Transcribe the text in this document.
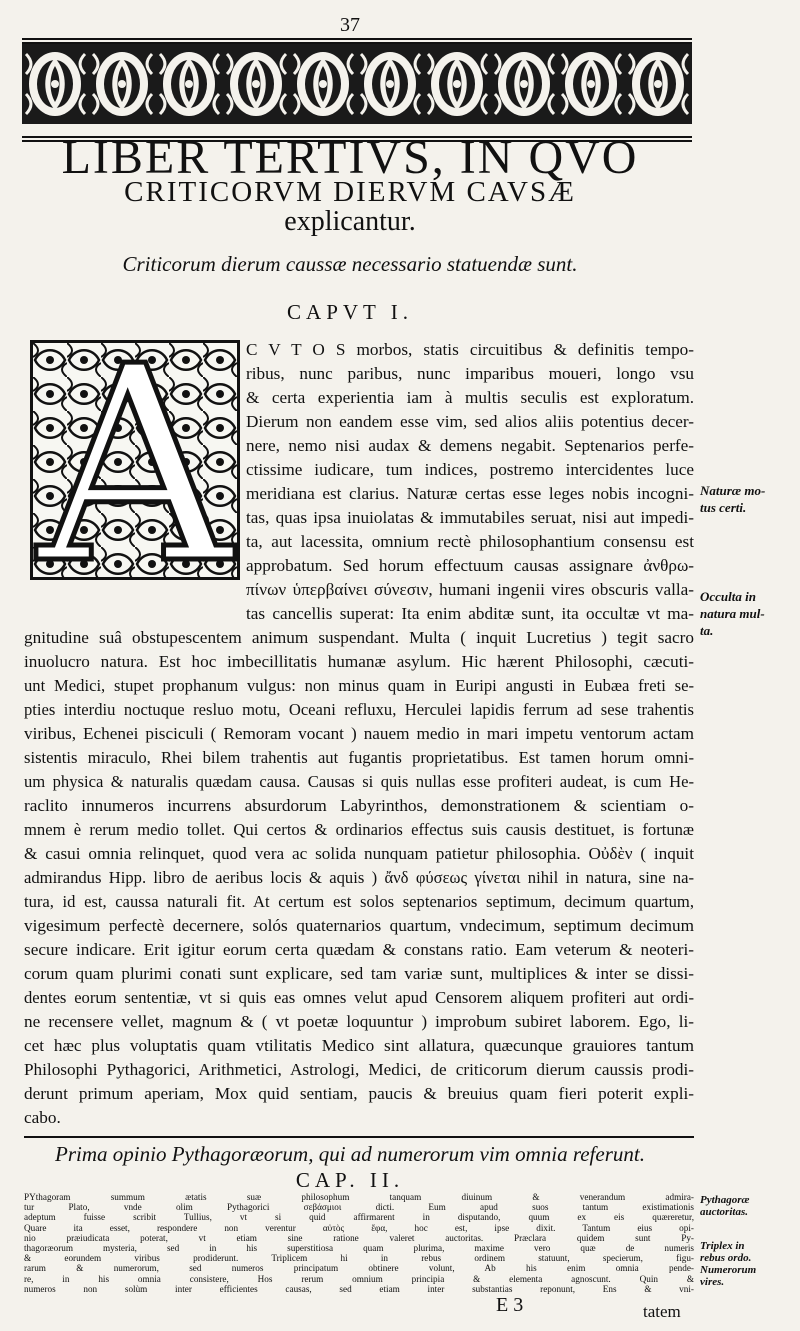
37
LIBER TERTIVS, IN QVO
CRITICORVM DIERVM CAVSÆ
explicantur.
Criticorum dierum caussæ necessario statuendæ sunt.
CAPVT I.
A C V T O S morbos, statis circuitibus & definitis tempo-
ribus, nunc paribus, nunc imparibus moueri, longo vsu
& certa experientia iam à multis seculis est exploratum.
Dierum non eandem esse vim, sed alios aliis potentius decer-
nere, nemo nisi audax & demens negabit. Septenarios perfe-
ctissime iudicare, tum indices, postremo intercidentes luce
meridiana est clarius. Naturæ certas esse leges nobis incogni-
tas, quas ipsa inuiolatas & immutabiles seruat, nisi aut impedi-
ta, aut lacessita, omnium rectè philosophantium consensu est
approbatum. Sed horum effectuum causas assignare ἀνθρω-
πίνων ὑπερβαίνει σύνεσιν, humani ingenii vires obscuris valla-
tas cancellis superat: Ita enim abditæ sunt, ita occultæ vt ma-
gnitudine suâ obstupescentem animum suspendant. Multa ( inquit Lucretius ) tegit sacro
inuolucro natura. Est hoc imbecillitatis humanæ asylum. Hic hærent Philosophi, cæcuti-
unt Medici, stupet prophanum vulgus: non minus quam in Euripi angusti in Eubæa freti se-
pties interdiu noctuque resluo motu, Oceani refluxu, Herculei lapidis ferrum ad sese trahentis
viribus, Echenei pisciculi ( Remoram vocant ) nauem medio in mari impetu ventorum actam
sistentis miraculo, Rhei bilem trahentis aut fugantis proprietatibus. Est tamen horum omni-
um physica & naturalis quædam causa. Causas si quis nullas esse profiteri audeat, is cum He-
raclito innumeros incurrens absurdorum Labyrinthos, demonstrationem & scientiam o-
mnem è rerum medio tollet. Qui certos & ordinarios effectus suis causis destituet, is fortunæ
& casui omnia relinquet, quod vera ac solida nunquam patietur philosophia. Οὐδὲν ( inquit
admirandus Hipp. libro de aeribus locis & aquis ) ἄνδ φύσεως γίνεται nihil in natura, sine na-
tura, id est, caussa naturali fit. At certum est solos septenarios septimum, decimum quartum,
vigesimum perfectè decernere, solós quaternarios quartum, vndecimum, septimum decimum
secure indicare. Erit igitur eorum certa quædam & constans ratio. Eam veterum & neoteri-
corum quam plurimi conati sunt explicare, sed tam variæ sunt, multiplices & inter se dissi-
dentes eorum sententiæ, vt si quis eas omnes velut apud Censorem aliquem profiteri aut ordi-
ne recensere vellet, magnum & ( vt poetæ loquuntur ) improbum subiret laborem. Ego, li-
cet hæc plus voluptatis quam vtilitatis Medico sint allatura, quæcunque grauiores tantum
Philosophi Pythagorici, Arithmetici, Astrologi, Medici, de criticorum dierum caussis prodi-
derunt primum aperiam, Mox quid sentiam, paucis & breuius quam fieri poterit expli-
cabo.
Prima opinio Pythagoræorum, qui ad numerorum vim omnia referunt.
CAP. II.
Naturæ mo-
tus certi.
Occulta in
natura mul-
ta.
Pythagoræ
auctoritas.
E 3	tatem
PYthagoram summum ætatis suæ philosophum tanquam diuinum & venerandum admira-
tur Plato, vnde olim Pythagorici σεβάσμιοι dicti. Eum apud suos tantum existimationis
adeptum fuisse scribit Tullius, vt si quid affirmarent in disputando, quum ex eis quæreretur,
Quare ita esset, respondere non verentur αὐτὸς ἔφα, hoc est, ipse dixit. Tantum eius opi-
nio præiudicata poterat, vt etiam sine ratione valeret auctoritas. Præclara quidem sunt Py-
thagoræorum mysteria, sed in his superstitiosa quam plurima, maxime vero quæ de numeris
& eorundem viribus prodiderunt. Triplicem hi in rebus ordinem statuunt, specierum, figu-
rarum & numerorum, sed numeros principatum obtinere volunt, Ab his enim omnia pende-
re, in his omnia consistere, Hos rerum omnium principia & elementa agnoscunt. Quin &
numeros non solùm inter efficientes causas, sed etiam inter substantias reponunt, Ens & vni-
Triplex in
rebus ordo.
Numerorum
vires.
